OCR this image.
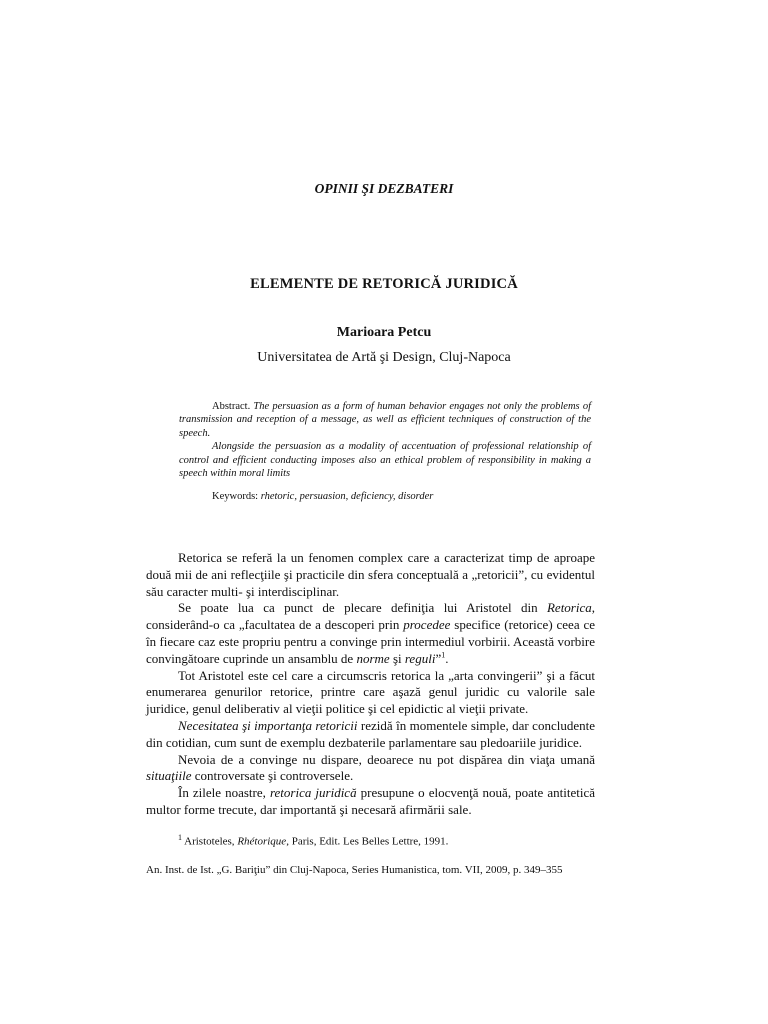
OPINII ŞI DEZBATERI
ELEMENTE DE RETORICĂ JURIDICĂ
Marioara Petcu
Universitatea de Artă şi Design, Cluj-Napoca

Abstract. The persuasion as a form of human behavior engages not only the problems of transmission and reception of a message, as well as efficient techniques of construction of the speech.

Alongside the persuasion as a modality of accentuation of professional relationship of control and efficient conducting imposes also an ethical problem of responsibility in making a speech within moral limits

Keywords: rhetoric, persuasion, deficiency, disorder

Retorica se referă la un fenomen complex care a caracterizat timp de aproape două mii de ani reflecţiile şi practicile din sfera conceptuală a „retoricii”, cu evidentul său caracter multi- şi interdisciplinar.

Se poate lua ca punct de plecare definiţia lui Aristotel din Retorica, considerând-o ca „facultatea de a descoperi prin procedee specifice (retorice) ceea ce în fiecare caz este propriu pentru a convinge prin intermediul vorbirii. Această vorbire convingătoare cuprinde un ansamblu de norme şi reguli”$^1$.

Tot Aristotel este cel care a circumscris retorica la „arta convingerii” şi a făcut enumerarea genurilor retorice, printre care aşază genul juridic cu valorile sale juridice, genul deliberativ al vieţii politice şi cel epidictic al vieţii private.

Necesitatea şi importanţa retoricii rezidă în momentele simple, dar concludente din cotidian, cum sunt de exemplu dezbaterile parlamentare sau pledoariile juridice.

Nevoia de a convinge nu dispare, deoarece nu pot dispărea din viaţa umană situaţiile controversate şi controversele.

În zilele noastre, retorica juridică presupune o elocvenţă nouă, poate antitetică multor forme trecute, dar importantă şi necesară afirmării sale.

$^1$ Aristoteles, Rhétorique, Paris, Edit. Les Belles Lettre, 1991.
An. Inst. de Ist. „G. Bariţiu” din Cluj-Napoca, Series Humanistica, tom. VII, 2009, p. 349–355
